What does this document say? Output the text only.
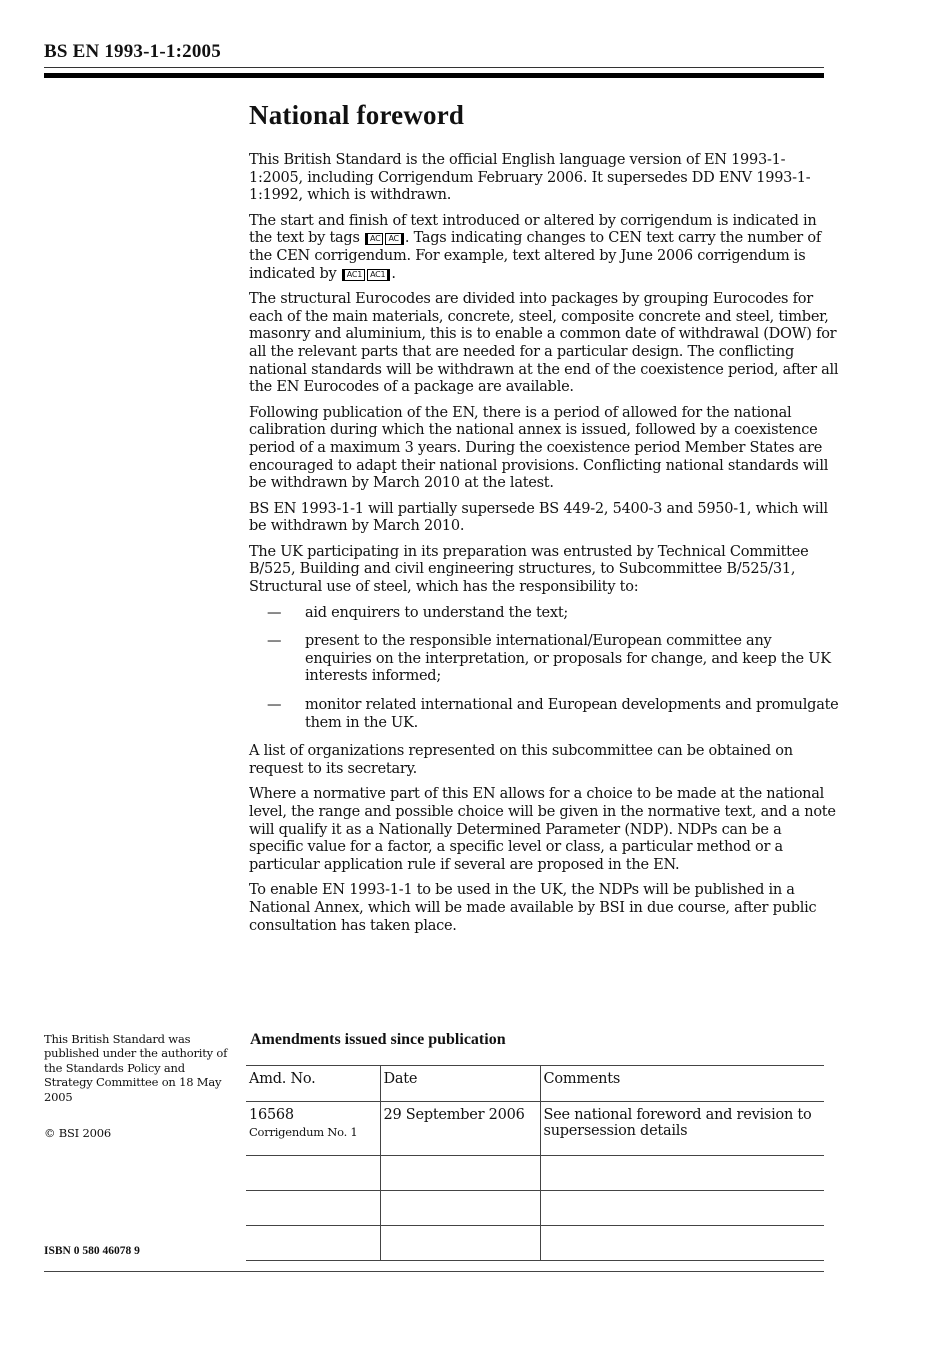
BS EN 1993-1-1:2005
National foreword

This British Standard is the official English language version of EN 1993-1-1:2005, including Corrigendum February 2006. It supersedes DD ENV 1993-1-1:1992, which is withdrawn.

The start and finish of text introduced or altered by corrigendum is indicated in the text by tags AC AC . Tags indicating changes to CEN text carry the number of the CEN corrigendum. For example, text altered by June 2006 corrigendum is indicated by AC1 AC1 .

The structural Eurocodes are divided into packages by grouping Eurocodes for each of the main materials, concrete, steel, composite concrete and steel, timber, masonry and aluminium, this is to enable a common date of withdrawal (DOW) for all the relevant parts that are needed for a particular design. The conflicting national standards will be withdrawn at the end of the coexistence period, after all the EN Eurocodes of a package are available.

Following publication of the EN, there is a period of allowed for the national calibration during which the national annex is issued, followed by a coexistence period of a maximum 3 years. During the coexistence period Member States are encouraged to adapt their national provisions. Conflicting national standards will be withdrawn by March 2010 at the latest.

BS EN 1993-1-1 will partially supersede BS 449-2, 5400-3 and 5950-1, which will be withdrawn by March 2010.

The UK participating in its preparation was entrusted by Technical Committee B/525, Building and civil engineering structures, to Subcommittee B/525/31, Structural use of steel, which has the responsibility to:

— aid enquirers to understand the text;
— present to the responsible international/European committee any enquiries on the interpretation, or proposals for change, and keep the UK interests informed;
— monitor related international and European developments and promulgate them in the UK.

A list of organizations represented on this subcommittee can be obtained on request to its secretary.

Where a normative part of this EN allows for a choice to be made at the national level, the range and possible choice will be given in the normative text, and a note will qualify it as a Nationally Determined Parameter (NDP). NDPs can be a specific value for a factor, a specific level or class, a particular method or a particular application rule if several are proposed in the EN.

To enable EN 1993-1-1 to be used in the UK, the NDPs will be published in a National Annex, which will be made available by BSI in due course, after public consultation has taken place.

This British Standard was published under the authority of the Standards Policy and Strategy Committee on 18 May 2005
© BSI 2006
ISBN 0 580 46078 9
Amendments issued since publication
Amd. No.	Date	Comments
16568
Corrigendum No. 1	29 September 2006	See national foreword and revision to supersession details
